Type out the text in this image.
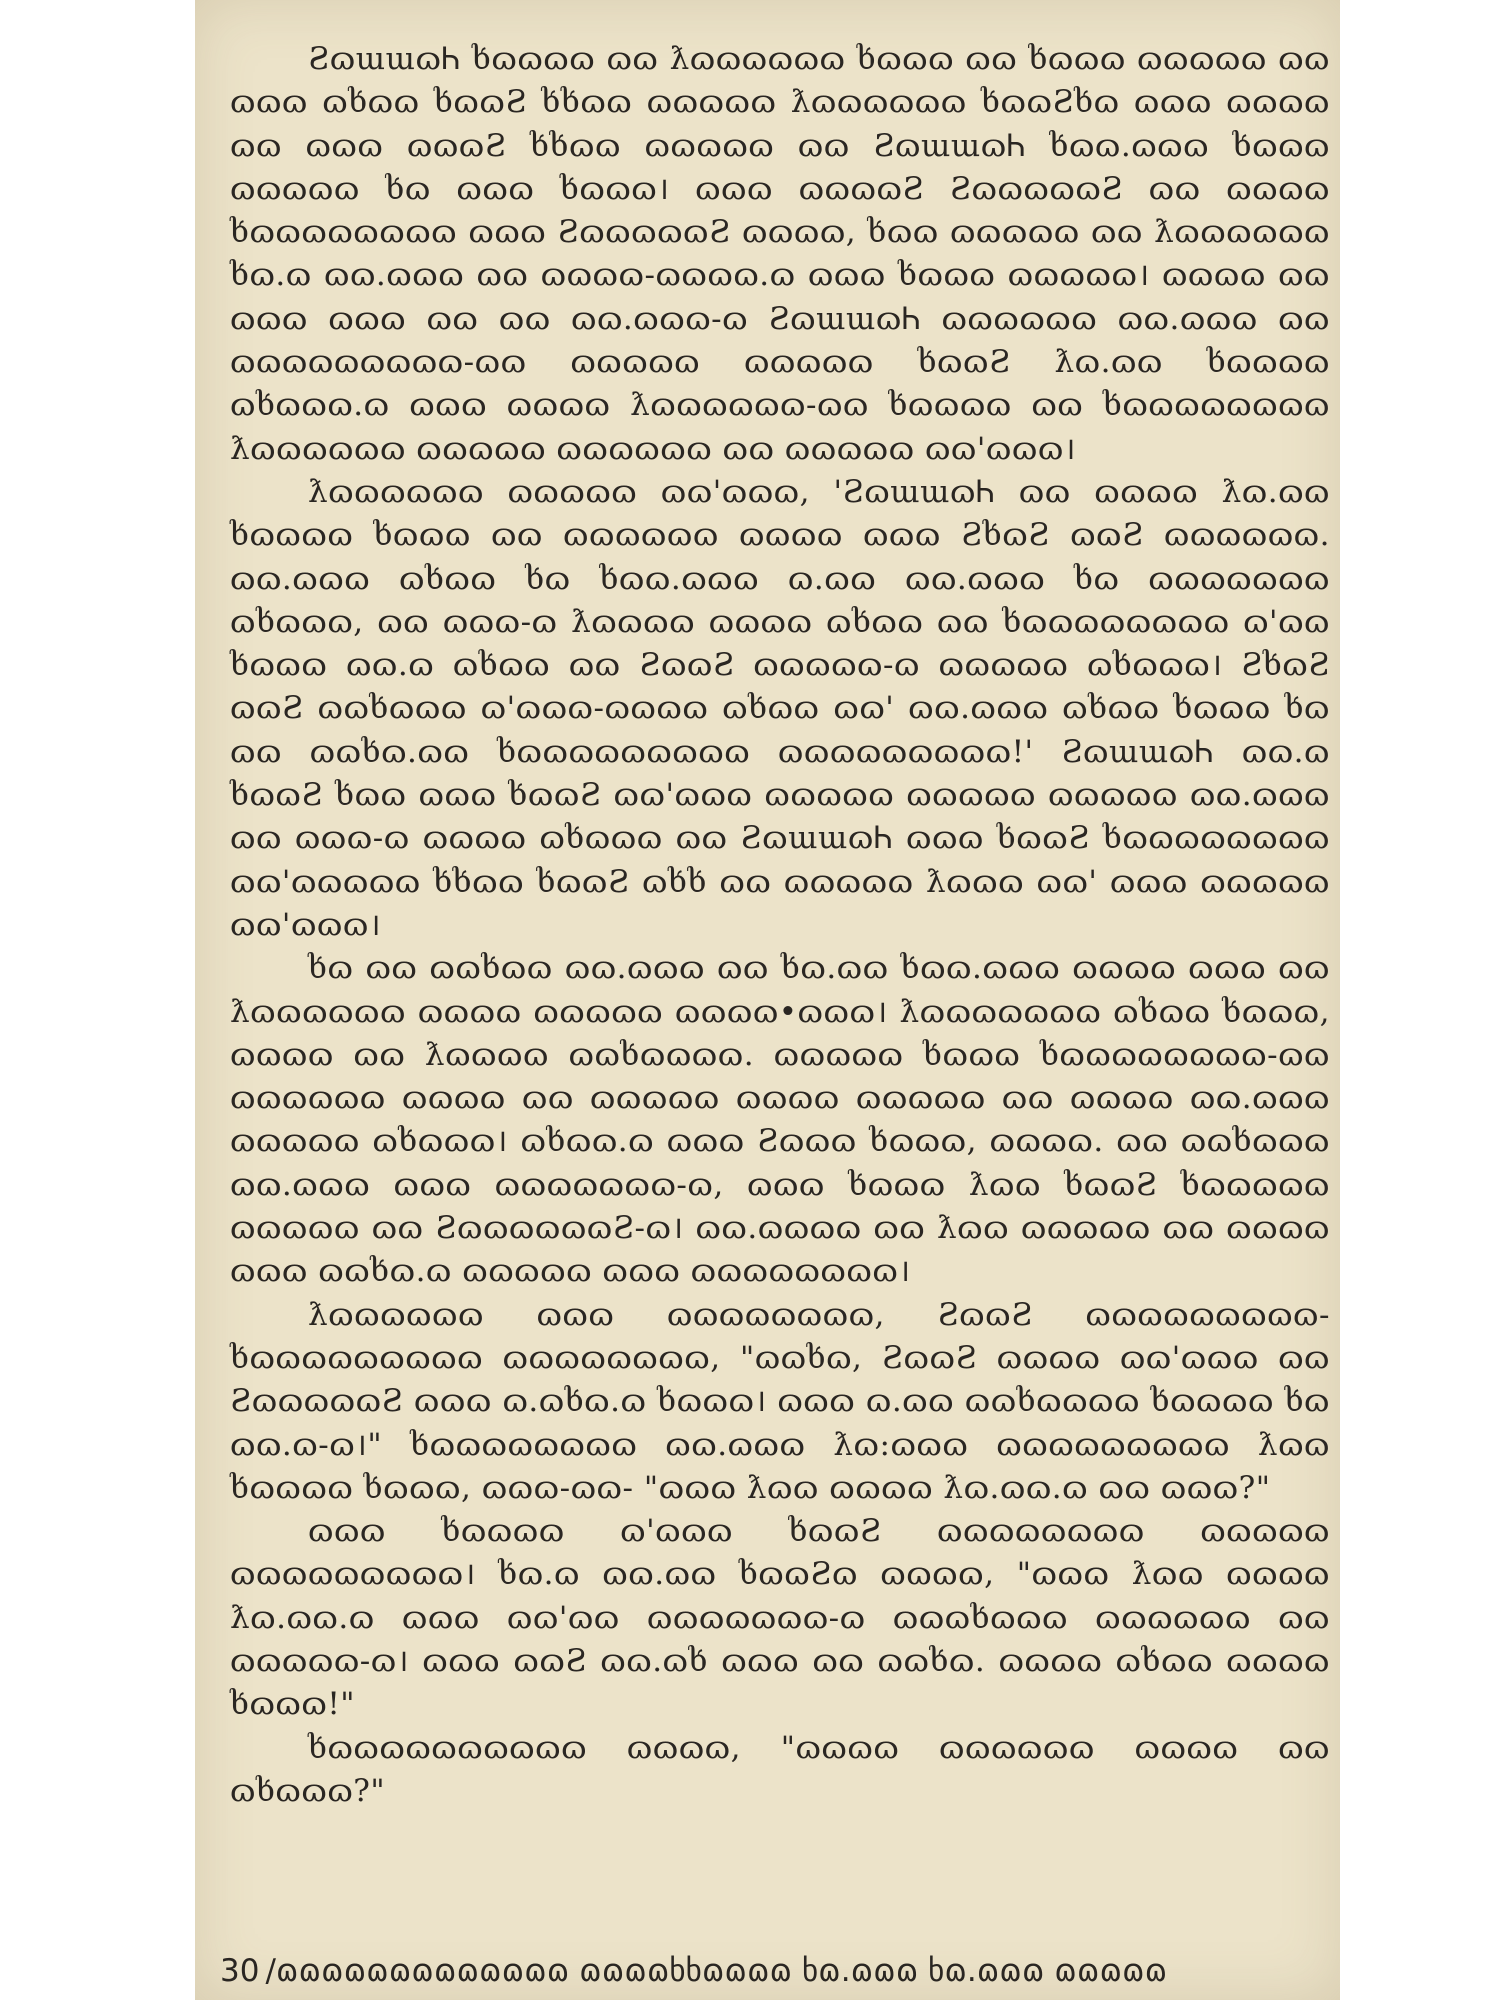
ƧɷɯɯɷᏂ ხɷɷɷɷ ɷɷ ƛɷɷɷɷɷɷ ხɷɷɷ ɷɷ ხɷɷɷ ɷɷɷɷɷ ɷɷ ɷɷɷ ɷხɷɷ ხɷɷƧ ხხɷɷ ɷɷɷɷɷ ƛɷɷɷɷɷɷ ხɷɷƧხɷ ɷɷɷ ɷɷɷɷ ɷɷ ɷɷɷ ɷɷɷƧ ხხɷɷ ɷɷɷɷɷ ɷɷ ƧɷɯɯɷᏂ ხɷɷ.ɷɷɷ ხɷɷɷ ɷɷɷɷɷ ხɷ ɷɷɷ ხɷɷɷ। ɷɷɷ ɷɷɷɷƧ ƧɷɷɷɷɷƧ ɷɷ ɷɷɷɷ ხɷɷɷɷɷɷɷɷ ɷɷɷ ƧɷɷɷɷɷƧ ɷɷɷɷ, ხɷɷ ɷɷɷɷɷ ɷɷ ƛɷɷɷɷɷɷ ხɷ.ɷ ɷɷ.ɷɷɷ ɷɷ ɷɷɷɷ-ɷɷɷɷ.ɷ ɷɷɷ ხɷɷɷ ɷɷɷɷɷ। ɷɷɷɷ ɷɷ ɷɷɷ ɷɷɷ ɷɷ ɷɷ ɷɷ.ɷɷɷ-ɷ ƧɷɯɯɷᏂ ɷɷɷɷɷɷ ɷɷ.ɷɷɷ ɷɷ ɷɷɷɷɷɷɷɷɷ-ɷɷ ɷɷɷɷɷ ɷɷɷɷɷ ხɷɷƧ ƛɷ.ɷɷ ხɷɷɷɷ ɷხɷɷɷ.ɷ ɷɷɷ ɷɷɷɷ ƛɷɷɷɷɷɷ-ɷɷ ხɷɷɷɷ ɷɷ ხɷɷɷɷɷɷɷɷ ƛɷɷɷɷɷɷ ɷɷɷɷɷ ɷɷɷɷɷɷ ɷɷ ɷɷɷɷɷ ɷɷ'ɷɷɷ।

ƛɷɷɷɷɷɷ ɷɷɷɷɷ ɷɷ'ɷɷɷ, 'ƧɷɯɯɷᏂ ɷɷ ɷɷɷɷ ƛɷ.ɷɷ ხɷɷɷɷ ხɷɷɷ ɷɷ ɷɷɷɷɷɷ ɷɷɷɷ ɷɷɷ ƧხɷƧ ɷɷƧ ɷɷɷɷɷɷ. ɷɷ.ɷɷɷ ɷხɷɷ ხɷ ხɷɷ.ɷɷɷ ɷ.ɷɷ ɷɷ.ɷɷɷ ხɷ ɷɷɷɷɷɷɷ ɷხɷɷɷ, ɷɷ ɷɷɷ-ɷ ƛɷɷɷɷ ɷɷɷɷ ɷხɷɷ ɷɷ ხɷɷɷɷɷɷɷɷ ɷ'ɷɷ ხɷɷɷ ɷɷ.ɷ ɷხɷɷ ɷɷ ƧɷɷƧ ɷɷɷɷɷ-ɷ ɷɷɷɷɷ ɷხɷɷɷ। ƧხɷƧ ɷɷƧ ɷɷხɷɷɷ ɷ'ɷɷɷ-ɷɷɷɷ ɷხɷɷ ɷɷ' ɷɷ.ɷɷɷ ɷხɷɷ ხɷɷɷ ხɷ ɷɷ ɷɷხɷ.ɷɷ ხɷɷɷɷɷɷɷɷɷ ɷɷɷɷɷɷɷɷɷ!' ƧɷɯɯɷᏂ ɷɷ.ɷ ხɷɷƧ ხɷɷ ɷɷɷ ხɷɷƧ ɷɷ'ɷɷɷ ɷɷɷɷɷ ɷɷɷɷɷ ɷɷɷɷɷ ɷɷ.ɷɷɷ ɷɷ ɷɷɷ-ɷ ɷɷɷɷ ɷხɷɷɷ ɷɷ ƧɷɯɯɷᏂ ɷɷɷ ხɷɷƧ ხɷɷɷɷɷɷɷɷ ɷɷ'ɷɷɷɷɷ ხხɷɷ ხɷɷƧ ɷხხ ɷɷ ɷɷɷɷɷ ƛɷɷɷ ɷɷ' ɷɷɷ ɷɷɷɷɷ ɷɷ'ɷɷɷ।

ხɷ ɷɷ ɷɷხɷɷ ɷɷ.ɷɷɷ ɷɷ ხɷ.ɷɷ ხɷɷ.ɷɷɷ ɷɷɷɷ ɷɷɷ ɷɷ ƛɷɷɷɷɷɷ ɷɷɷɷ ɷɷɷɷɷ ɷɷɷɷ•ɷɷɷ। ƛɷɷɷɷɷɷɷ ɷხɷɷ ხɷɷɷ, ɷɷɷɷ ɷɷ ƛɷɷɷɷ ɷɷხɷɷɷɷ. ɷɷɷɷɷ ხɷɷɷ ხɷɷɷɷɷɷɷɷ-ɷɷ ɷɷɷɷɷɷ ɷɷɷɷ ɷɷ ɷɷɷɷɷ ɷɷɷɷ ɷɷɷɷɷ ɷɷ ɷɷɷɷ ɷɷ.ɷɷɷ ɷɷɷɷɷ ɷხɷɷɷ। ɷხɷɷ.ɷ ɷɷɷ Ƨɷɷɷ ხɷɷɷ, ɷɷɷɷ. ɷɷ ɷɷხɷɷɷ ɷɷ.ɷɷɷ ɷɷɷ ɷɷɷɷɷɷɷ-ɷ, ɷɷɷ ხɷɷɷ ƛɷɷ ხɷɷƧ ხɷɷɷɷɷ ɷɷɷɷɷ ɷɷ ƧɷɷɷɷɷɷƧ-ɷ। ɷɷ.ɷɷɷɷ ɷɷ ƛɷɷ ɷɷɷɷɷ ɷɷ ɷɷɷɷ ɷɷɷ ɷɷხɷ.ɷ ɷɷɷɷɷ ɷɷɷ ɷɷɷɷɷɷɷɷ।

ƛɷɷɷɷɷɷ ɷɷɷ ɷɷɷɷɷɷɷɷ, ƧɷɷƧ ɷɷɷɷɷɷɷɷɷ-ხɷɷɷɷɷɷɷɷɷ ɷɷɷɷɷɷɷɷ, "ɷɷხɷ, ƧɷɷƧ ɷɷɷɷ ɷɷ'ɷɷɷ ɷɷ ƧɷɷɷɷɷƧ ɷɷɷ ɷ.ɷხɷ.ɷ ხɷɷɷ। ɷɷɷ ɷ.ɷɷ ɷɷხɷɷɷɷ ხɷɷɷɷ ხɷ ɷɷ.ɷ-ɷ।" ხɷɷɷɷɷɷɷɷ ɷɷ.ɷɷɷ ƛɷ:ɷɷɷ ɷɷɷɷɷɷɷɷɷ ƛɷɷ ხɷɷɷɷ ხɷɷɷ, ɷɷɷ-ɷɷ- "ɷɷɷ ƛɷɷ ɷɷɷɷ ƛɷ.ɷɷ.ɷ ɷɷ ɷɷɷ?"

ɷɷɷ ხɷɷɷɷ ɷ'ɷɷɷ ხɷɷƧ ɷɷɷɷɷɷɷɷ ɷɷɷɷɷ ɷɷɷɷɷɷɷɷɷ। ხɷ.ɷ ɷɷ.ɷɷ ხɷɷƧɷ ɷɷɷɷ, "ɷɷɷ ƛɷɷ ɷɷɷɷ ƛɷ.ɷɷ.ɷ ɷɷɷ ɷɷ'ɷɷ ɷɷɷɷɷɷɷ-ɷ ɷɷɷხɷɷɷ ɷɷɷɷɷɷ ɷɷ ɷɷɷɷɷ-ɷ। ɷɷɷ ɷɷƧ ɷɷ.ɷხ ɷɷɷ ɷɷ ɷɷხɷ. ɷɷɷɷ ɷხɷɷ ɷɷɷɷ ხɷɷɷ!"

ხɷɷɷɷɷɷɷɷɷɷ ɷɷɷɷ, "ɷɷɷɷ ɷɷɷɷɷɷ ɷɷɷɷ ɷɷ ɷხɷɷɷ?"

30 /ɷɷɷɷɷɷɷɷɷɷɷɷɷ ɷɷɷɷხხɷɷɷɷ ხɷ.ɷɷɷ ხɷ.ɷɷɷ ɷɷɷɷɷ
